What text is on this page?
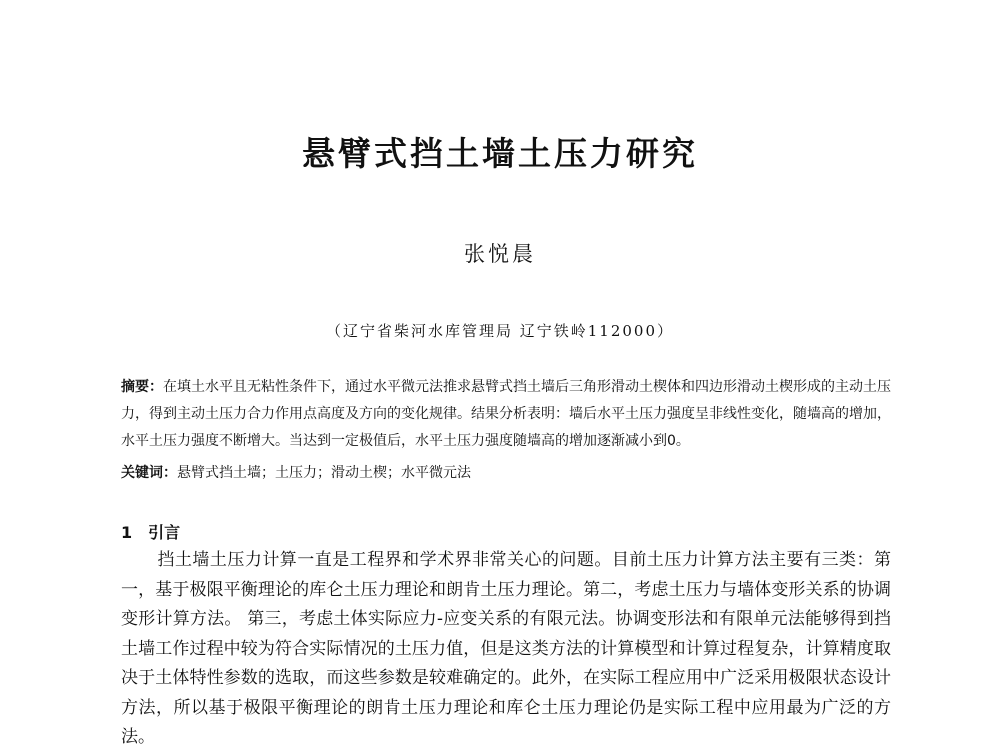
悬臂式挡土墙土压力研究
张悦晨
（辽宁省柴河水库管理局 辽宁铁岭112000）
摘要：在填土水平且无粘性条件下，通过水平微元法推求悬臂式挡土墙后三角形滑动土楔体和四边形滑动土楔形成的主动土压力，得到主动土压力合力作用点高度及方向的变化规律。结果分析表明：墙后水平土压力强度呈非线性变化，随墙高的增加，水平土压力强度不断增大。当达到一定极值后，水平土压力强度随墙高的增加逐渐减小到0。
关键词：悬臂式挡土墙；土压力；滑动土楔；水平微元法
1 引言
挡土墙土压力计算一直是工程界和学术界非常关心的问题。目前土压力计算方法主要有三类：第一，基于极限平衡理论的库仑土压力理论和朗肯土压力理论。第二，考虑土压力与墙体变形关系的协调变形计算方法。 第三，考虑土体实际应力-应变关系的有限元法。协调变形法和有限单元法能够得到挡土墙工作过程中较为符合实际情况的土压力值，但是这类方法的计算模型和计算过程复杂，计算精度取决于土体特性参数的选取，而这些参数是较难确定的。此外，在实际工程应用中广泛采用极限状态设计方法，所以基于极限平衡理论的朗肯土压力理论和库仑土压力理论仍是实际工程中应用最为广泛的方法。
